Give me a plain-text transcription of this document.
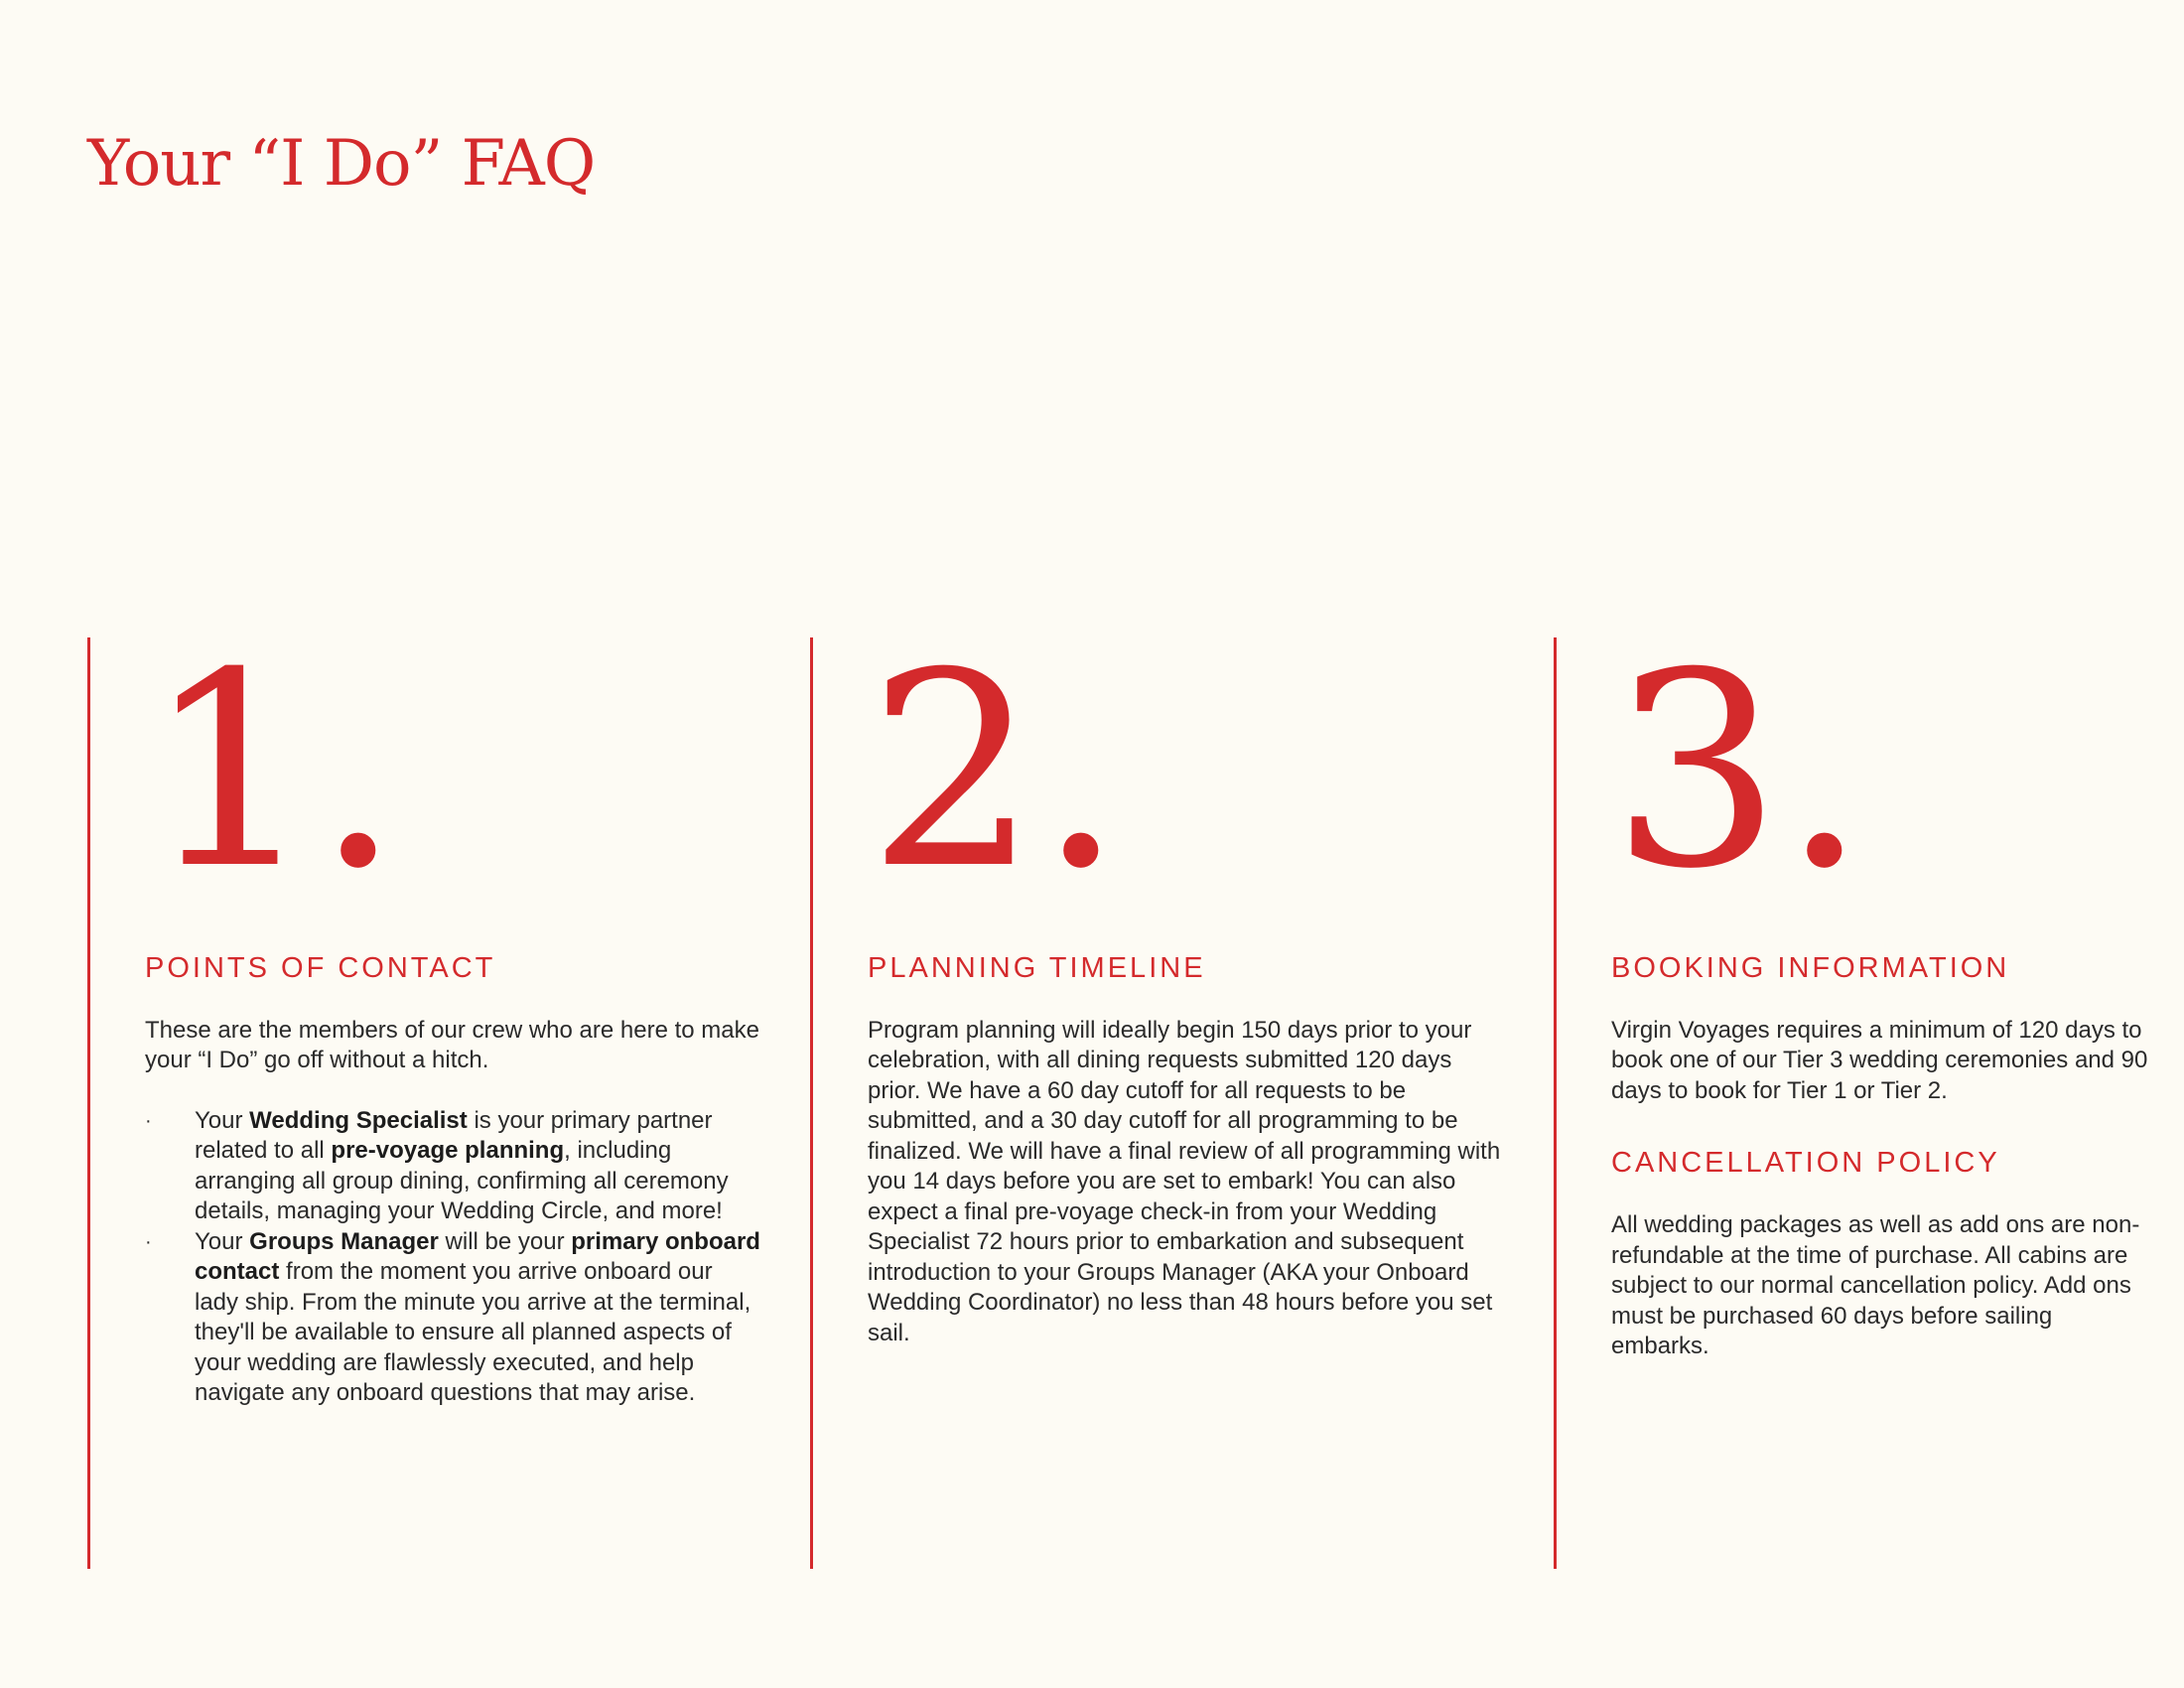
Your “I Do” FAQ
1.
POINTS OF CONTACT

These are the members of our crew who are here to make your “I Do” go off without a hitch.

· Your Wedding Specialist is your primary partner related to all pre-voyage planning, including arranging all group dining, confirming all ceremony details, managing your Wedding Circle, and more!
· Your Groups Manager will be your primary onboard contact from the moment you arrive onboard our lady ship. From the minute you arrive at the terminal, they'll be available to ensure all planned aspects of your wedding are flawlessly executed, and help navigate any onboard questions that may arise.
2.
PLANNING TIMELINE

Program planning will ideally begin 150 days prior to your celebration, with all dining requests submitted 120 days prior. We have a 60 day cutoff for all requests to be submitted, and a 30 day cutoff for all programming to be finalized. We will have a final review of all programming with you 14 days before you are set to embark! You can also expect a final pre-voyage check-in from your Wedding Specialist 72 hours prior to embarkation and subsequent introduction to your Groups Manager (AKA your Onboard Wedding Coordinator) no less than 48 hours before you set sail.

3.
BOOKING INFORMATION

Virgin Voyages requires a minimum of 120 days to book one of our Tier 3 wedding ceremonies and 90 days to book for Tier 1 or Tier 2.

CANCELLATION POLICY

All wedding packages as well as add ons are non-refundable at the time of purchase. All cabins are subject to our normal cancellation policy. Add ons must be purchased 60 days before sailing embarks.
